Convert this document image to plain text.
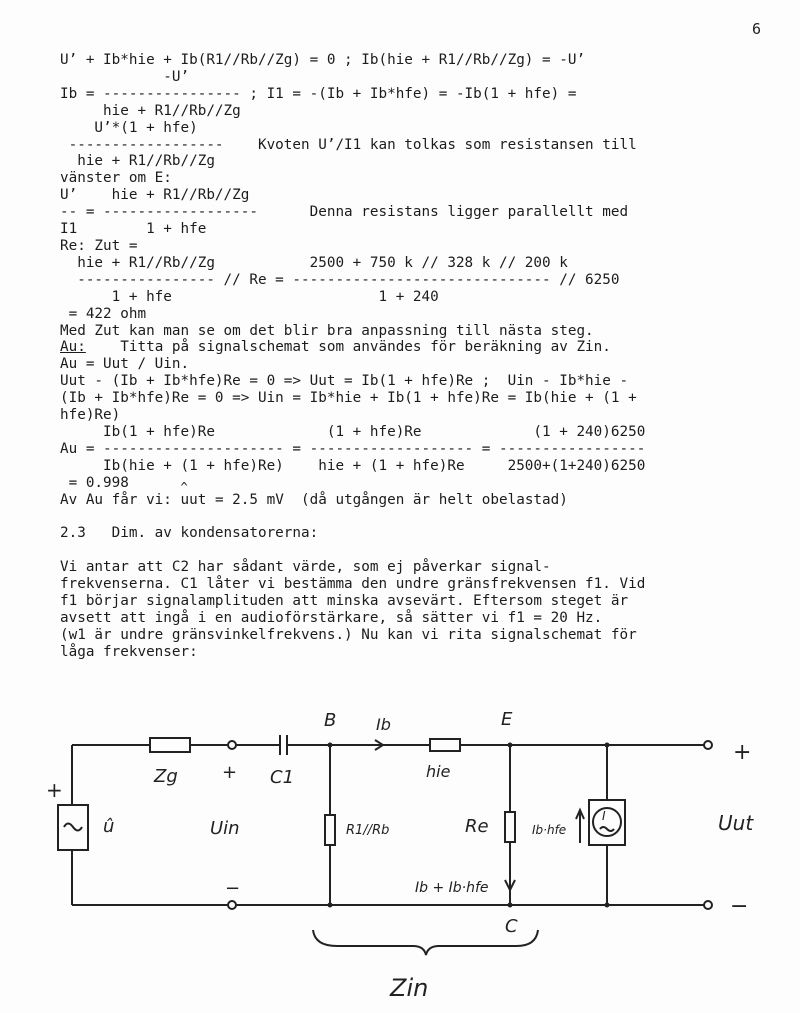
6
U’ + Ib*hie + Ib(R1//Rb//Zg) = 0 ; Ib(hie + R1//Rb//Zg) = -U’
-U’
Ib = ---------------- ; I1 = -(Ib + Ib*hfe) = -Ib(1 + hfe) =
hie + R1//Rb//Zg
U’*(1 + hfe)
------------------    Kvoten U’/I1 kan tolkas som resistansen till
hie + R1//Rb//Zg
vänster om E:
U’    hie + R1//Rb//Zg
-- = ------------------      Denna resistans ligger parallellt med
I1        1 + hfe
Re: Zut =
hie + R1//Rb//Zg           2500 + 750 k // 328 k // 200 k
---------------- // Re = ------------------------------ // 6250
1 + hfe                        1 + 240
= 422 ohm
Med Zut kan man se om det blir bra anpassning till nästa steg.
Au:    Titta på signalschemat som användes för beräkning av Zin.
Au = Uut / Uin.
Uut - (Ib + Ib*hfe)Re = 0 => Uut = Ib(1 + hfe)Re ;  Uin - Ib*hie -
(Ib + Ib*hfe)Re = 0 => Uin = Ib*hie + Ib(1 + hfe)Re = Ib(hie + (1 +
hfe)Re)
Ib(1 + hfe)Re             (1 + hfe)Re             (1 + 240)6250
Au = --------------------- = ------------------- = -----------------
Ib(hie + (1 + hfe)Re)    hie + (1 + hfe)Re     2500+(1+240)6250
= 0.998
Av Au får vi: ^ uut = 2.5 mV  (då utgången är helt obelastad)

2.3   Dim. av kondensatorerna:

Vi antar att C2 har sådant värde, som ej påverkar signal-
frekvenserna. C1 låter vi bestämma den undre gränsfrekvensen f1. Vid
f1 börjar signalamplituden att minska avsevärt. Eftersom steget är
avsett att ingå i en audioförstärkare, så sätter vi f1 = 20 Hz.
(w1 är undre gränsvinkelfrekvens.) Nu kan vi rita signalschemat för
låga frekvenser:
B	E
Ib
Zg + C1	hie
+
+
û	Uin	R1//Rb	Re	Ib·hfe
I	Uut
−	Ib + Ib·hfe
−
C
Zin
